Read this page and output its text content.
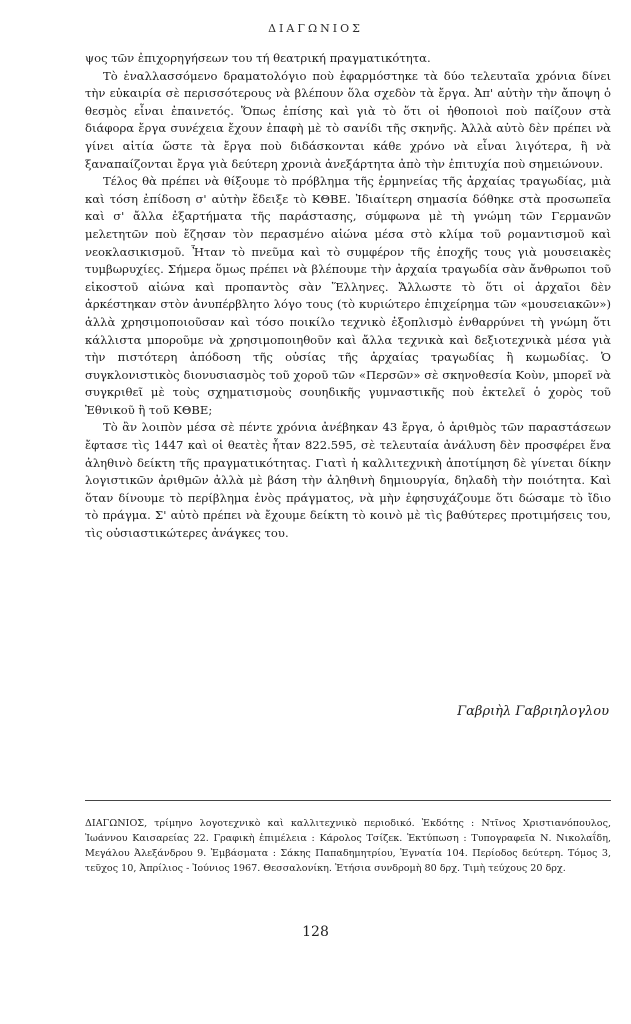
ΔΙΑΓΩΝΙΟΣ

ψος τῶν ἐπιχορηγήσεων του τή θεατρική πραγματικότητα.

Τὸ ἐναλλασσόμενο δραματολόγιο ποὺ ἐφαρμόστηκε τὰ δύο τελευταῖα χρόνια δίνει τὴν εὐκαιρία σὲ περισσότερους νὰ βλέπουν ὅλα σχεδὸν τὰ ἔργα. Ἀπ' αὐτὴν τὴν ἄποψη ὁ θεσμὸς εἶναι ἐπαινετός. Ὅπως ἐπίσης καὶ γιὰ τὸ ὅτι οἱ ἠθοποιοὶ ποὺ παίζουν στὰ διάφορα ἔργα συνέχεια ἔχουν ἐπαφὴ μὲ τὸ σανίδι τῆς σκηνῆς. Ἀλλὰ αὐτὸ δὲν πρέπει νὰ γίνει αἰτία ὥστε τὰ ἔργα ποὺ διδάσκονται κάθε χρόνο νὰ εἶναι λιγότερα, ἢ νὰ ξαναπαίζονται ἔργα γιὰ δεύτερη χρονιὰ ἀνεξάρτητα ἀπὸ τὴν ἐπιτυχία ποὺ σημειώνουν.

Τέλος θὰ πρέπει νὰ θίξουμε τὸ πρόβλημα τῆς ἑρμηνείας τῆς ἀρχαίας τραγωδίας, μιὰ καὶ τόση ἐπίδοση σ' αὐτὴν ἔδειξε τὸ ΚΘΒΕ. Ἰδιαίτερη σημασία δόθηκε στὰ προσωπεῖα καὶ σ' ἄλλα ἐξαρτήματα τῆς παράστασης, σύμφωνα μὲ τὴ γνώμη τῶν Γερμανῶν μελετητῶν ποὺ ἔζησαν τὸν περασμένο αἰώνα μέσα στὸ κλίμα τοῦ ρομαντισμοῦ καὶ νεοκλασικισμοῦ. Ἦταν τὸ πνεῦμα καὶ τὸ συμφέρον τῆς ἐποχῆς τους γιὰ μουσειακὲς τυμβωρυχίες. Σήμερα ὅμως πρέπει νὰ βλέπουμε τὴν ἀρχαία τραγωδία σὰν ἄνθρωποι τοῦ εἰκοστοῦ αἰώνα καὶ προπαντὸς σὰν Ἕλληνες. Ἄλλωστε τὸ ὅτι οἱ ἀρχαῖοι δὲν ἀρκέστηκαν στὸν ἀνυπέρβλητο λόγο τους (τὸ κυριώτερο ἐπιχείρημα τῶν «μουσειακῶν») ἀλλὰ χρησιμοποιοῦσαν καὶ τόσο ποικίλο τεχνικὸ ἐξοπλισμὸ ἐνθαρρύνει τὴ γνώμη ὅτι κάλλιστα μποροῦμε νὰ χρησιμοποιηθοῦν καὶ ἄλλα τεχνικὰ καὶ δεξιοτεχνικὰ μέσα γιὰ τὴν πιστότερη ἀπόδοση τῆς οὐσίας τῆς ἀρχαίας τραγωδίας ἢ κωμωδίας. Ὁ συγκλονιστικὸς διονυσιασμὸς τοῦ χοροῦ τῶν «Περσῶν» σὲ σκηνοθεσία Κοὺν, μπορεῖ νὰ συγκριθεῖ μὲ τοὺς σχηματισμοὺς σουηδικῆς γυμναστικῆς ποὺ ἐκτελεῖ ὁ χορὸς τοῦ Ἐθνικοῦ ἢ τοῦ ΚΘΒΕ;

Τὸ ἂν λοιπὸν μέσα σὲ πέντε χρόνια ἀνέβηκαν 43 ἔργα, ὁ ἀριθμὸς τῶν παραστάσεων ἔφτασε τὶς 1447 καὶ οἱ θεατὲς ἦταν 822.595, σὲ τελευταία ἀνάλυση δὲν προσφέρει ἕνα ἀληθινὸ δείκτη τῆς πραγματικότητας. Γιατὶ ἡ καλλιτεχνικὴ ἀποτίμηση δὲ γίνεται δίκην λογιστικῶν ἀριθμῶν ἀλλὰ μὲ βάση τὴν ἀληθινὴ δημιουργία, δηλαδὴ τὴν ποιότητα. Καὶ ὅταν δίνουμε τὸ περίβλημα ἑνὸς πράγματος, νὰ μὴν ἐφησυχάζουμε ὅτι δώσαμε τὸ ἴδιο τὸ πράγμα. Σ' αὐτὸ πρέπει νὰ ἔχουμε δείκτη τὸ κοινὸ μὲ τὶς βαθύτερες προτιμήσεις του, τὶς οὐσιαστικώτερες ἀνάγκες του.

Γαβριὴλ Γαβριηλογλου
ΔΙΑΓΩΝΙΟΣ, τρίμηνο λογοτεχνικὸ καὶ καλλιτεχνικὸ περιοδικό. Ἐκδότης : Ντῖνος Χριστιανόπουλος, Ἰωάννου Καισαρείας 22. Γραφικὴ ἐπιμέλεια : Κάρολος Τσίζεκ. Ἐκτύπωση : Τυπογραφεῖα Ν. Νικολαΐδη, Μεγάλου Ἀλεξάνδρου 9. Ἐμβάσματα : Σάκης Παπαδημητρίου, Ἐγνατία 104. Περίοδος δεύτερη. Τόμος 3, τεῦχος 10, Ἀπρίλιος - Ἰούνιος 1967. Θεσσαλονίκη. Ἐτήσια συνδρομὴ 80 δρχ. Τιμὴ τεύχους 20 δρχ.
128
